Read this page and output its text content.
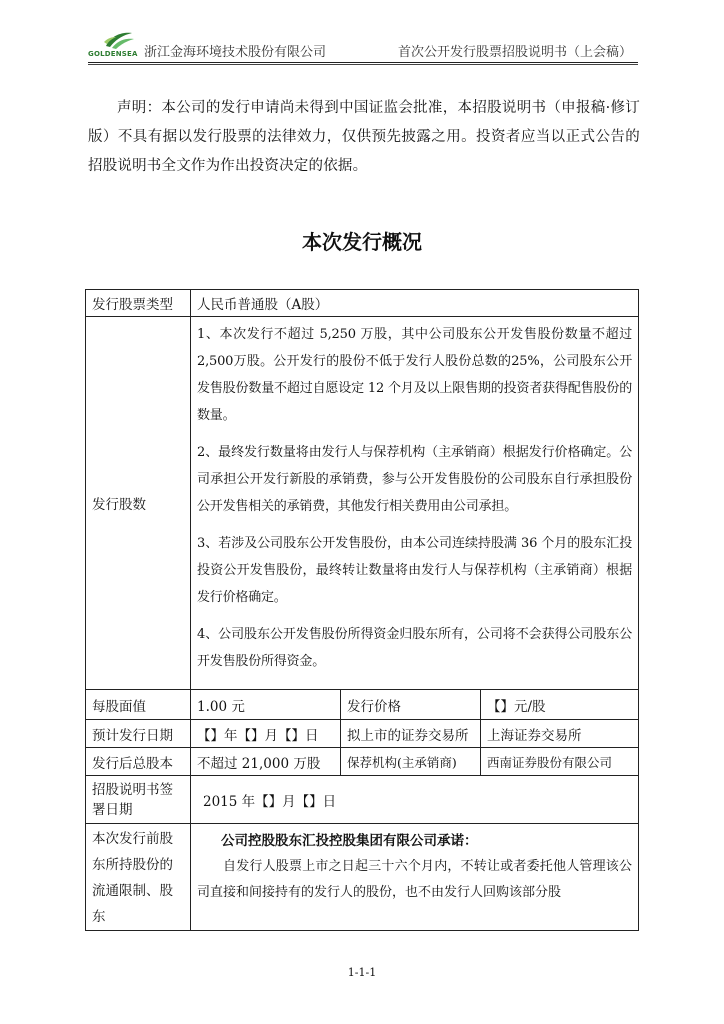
GOLDENSEA 浙江金海环境技术股份有限公司	首次公开发行股票招股说明书（上会稿）
声明：本公司的发行申请尚未得到中国证监会批准，本招股说明书（申报稿·修订版）不具有据以发行股票的法律效力，仅供预先披露之用。投资者应当以正式公告的招股说明书全文作为作出投资决定的依据。
本次发行概况
发行股票类型	人民币普通股（A股）		
发行股数	1、本次发行不超过 5,250 万股，其中公司股东公开发售股份数量不超过2,500万股。公开发行的股份不低于发行人股份总数的25%，公司股东公开发售股份数量不超过自愿设定 12 个月及以上限售期的投资者获得配售股份的数量。
2、最终发行数量将由发行人与保荐机构（主承销商）根据发行价格确定。公司承担公开发行新股的承销费，参与公开发售股份的公司股东自行承担股份公开发售相关的承销费，其他发行相关费用由公司承担。
3、若涉及公司股东公开发售股份，由本公司连续持股满 36 个月的股东汇投投资公开发售股份，最终转让数量将由发行人与保荐机构（主承销商）根据发行价格确定。
4、公司股东公开发售股份所得资金归股东所有，公司将不会获得公司股东公开发售股份所得资金。		

每股面值	1.00 元	发行价格	【】元/股
预计发行日期	【】年【】月【】日	拟上市的证券交易所	上海证券交易所
发行后总股本	不超过 21,000 万股	保荐机构(主承销商)	西南证券股份有限公司
招股说明书签署日期	2015 年【】月【】日		
本次发行前股东所持股份的流通限制、股东	公司控股股东汇投控股集团有限公司承诺：
自发行人股票上市之日起三十六个月内，不转让或者委托他人管理该公司直接和间接持有的发行人的股份，也不由发行人回购该部分股		
1-1-1
